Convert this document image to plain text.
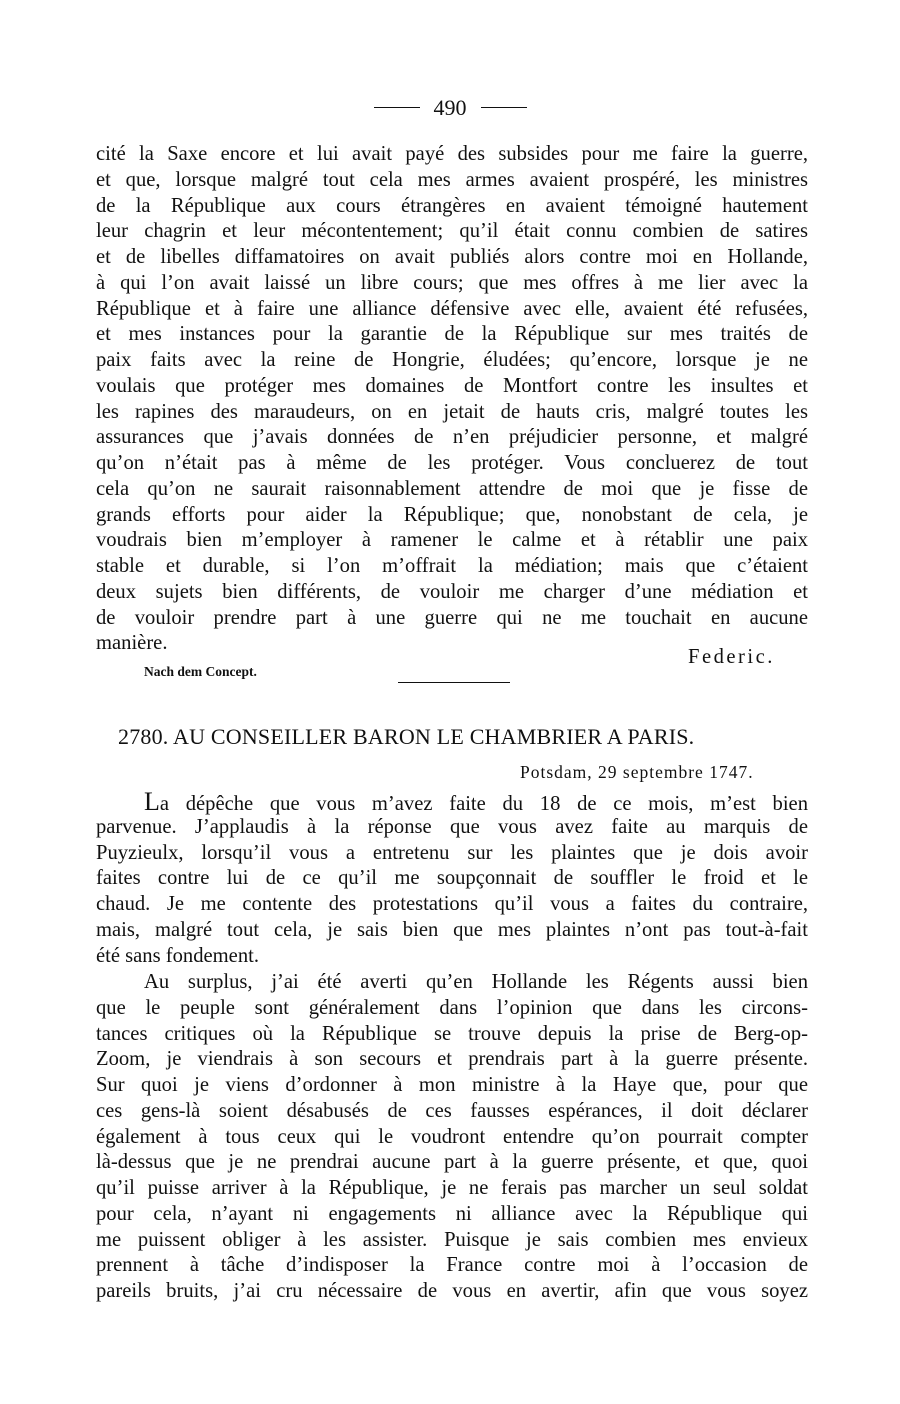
490
cité la Saxe encore et lui avait payé des subsides pour me faire la guerre,
et que, lorsque malgré tout cela mes armes avaient prospéré, les ministres
de la République aux cours étrangères en avaient témoigné hautement
leur chagrin et leur mécontentement; qu’il était connu combien de satires
et de libelles diffamatoires on avait publiés alors contre moi en Hollande,
à qui l’on avait laissé un libre cours; que mes offres à me lier avec la
République et à faire une alliance défensive avec elle, avaient été refusées,
et mes instances pour la garantie de la République sur mes traités de
paix faits avec la reine de Hongrie, éludées; qu’encore, lorsque je ne
voulais que protéger mes domaines de Montfort contre les insultes et
les rapines des maraudeurs, on en jetait de hauts cris, malgré toutes les
assurances que j’avais données de n’en préjudicier personne, et malgré
qu’on n’était pas à même de les protéger. Vous concluerez de tout
cela qu’on ne saurait raisonnablement attendre de moi que je fisse de
grands efforts pour aider la République; que, nonobstant de cela, je
voudrais bien m’employer à ramener le calme et à rétablir une paix
stable et durable, si l’on m’offrait la médiation; mais que c’étaient
deux sujets bien différents, de vouloir me charger d’une médiation et
de vouloir prendre part à une guerre qui ne me touchait en aucune
manière.
Federic.
Nach dem Concept.
2780. AU CONSEILLER BARON LE CHAMBRIER A PARIS.
Potsdam, 29 septembre 1747.
La dépêche que vous m’avez faite du 18 de ce mois, m’est bien
parvenue. J’applaudis à la réponse que vous avez faite au marquis de
Puyzieulx, lorsqu’il vous a entretenu sur les plaintes que je dois avoir
faites contre lui de ce qu’il me soupçonnait de souffler le froid et le
chaud. Je me contente des protestations qu’il vous a faites du contraire,
mais, malgré tout cela, je sais bien que mes plaintes n’ont pas tout-à-fait
été sans fondement.
Au surplus, j’ai été averti qu’en Hollande les Régents aussi bien
que le peuple sont généralement dans l’opinion que dans les circons-
tances critiques où la République se trouve depuis la prise de Berg-op-
Zoom, je viendrais à son secours et prendrais part à la guerre présente.
Sur quoi je viens d’ordonner à mon ministre à la Haye que, pour que
ces gens-là soient désabusés de ces fausses espérances, il doit déclarer
également à tous ceux qui le voudront entendre qu’on pourrait compter
là-dessus que je ne prendrai aucune part à la guerre présente, et que, quoi
qu’il puisse arriver à la République, je ne ferais pas marcher un seul soldat
pour cela, n’ayant ni engagements ni alliance avec la République qui
me puissent obliger à les assister. Puisque je sais combien mes envieux
prennent à tâche d’indisposer la France contre moi à l’occasion de
pareils bruits, j’ai cru nécessaire de vous en avertir, afin que vous soyez
